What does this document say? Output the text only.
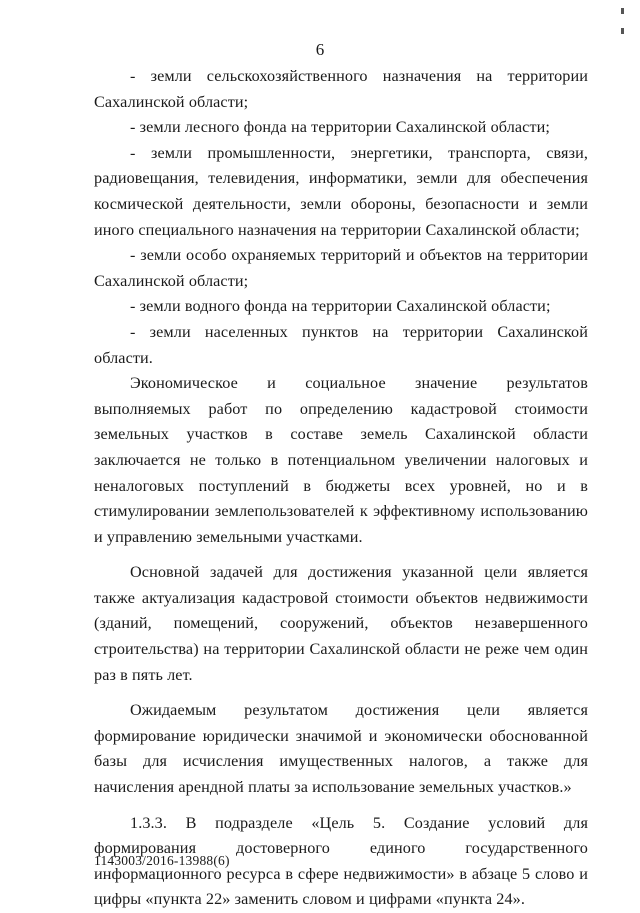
6

- земли сельскохозяйственного назначения на территории Сахалинской области;

- земли лесного фонда на территории Сахалинской области;

- земли промышленности, энергетики, транспорта, связи, радиовещания, телевидения, информатики, земли для обеспечения космической деятельности, земли обороны, безопасности и земли иного специального назначения на территории Сахалинской области;

- земли особо охраняемых территорий и объектов на территории Сахалинской области;

- земли водного фонда на территории Сахалинской области;

- земли населенных пунктов на территории Сахалинской области.

Экономическое и социальное значение результатов выполняемых работ по определению кадастровой стоимости земельных участков в составе земель Сахалинской области заключается не только в потенциальном увеличении налоговых и неналоговых поступлений в бюджеты всех уровней, но и в стимулировании землепользователей к эффективному использованию и управлению земельными участками.

Основной задачей для достижения указанной цели является также актуализация кадастровой стоимости объектов недвижимости (зданий, помещений, сооружений, объектов незавершенного строительства) на территории Сахалинской области не реже чем один раз в пять лет.

Ожидаемым результатом достижения цели является формирование юридически значимой и экономически обоснованной базы для исчисления имущественных налогов, а также для начисления арендной платы за использование земельных участков.»

1.3.3. В подразделе «Цель 5. Создание условий для формирования достоверного единого государственного информационного ресурса в сфере недвижимости» в абзаце 5 слово и цифры «пункта 22» заменить словом и цифрами «пункта 24».

1143003/2016-13988(6)
